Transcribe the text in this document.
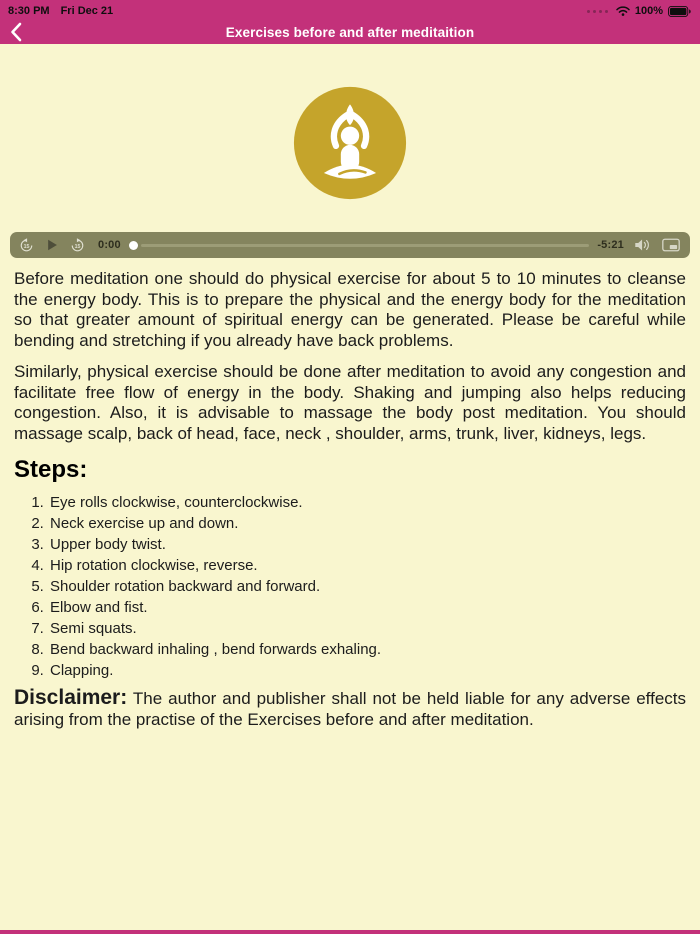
8:30 PM Fri Dec 21	100%
Exercises before and after meditaition
15	15 0:00	-5:21

Before meditation one should do physical exercise for about 5 to 10 minutes to cleanse the energy body. This is to prepare the physical and the energy body for the meditation so that greater amount of spiritual energy can be generated. Please be careful while bending and stretching if you already have back problems.

Similarly, physical exercise should be done after meditation to avoid any congestion and facilitate free flow of energy in the body. Shaking and jumping also helps reducing congestion. Also, it is advisable to massage the body post meditation. You should massage scalp, back of head, face, neck , shoulder, arms, trunk, liver, kidneys, legs.

Steps:
1. Eye rolls clockwise, counterclockwise.
2. Neck exercise up and down.
3. Upper body twist.
4. Hip rotation clockwise, reverse.
5. Shoulder rotation backward and forward.
6. Elbow and fist.
7. Semi squats.
8. Bend backward inhaling , bend forwards exhaling.
9. Clapping.

Disclaimer: The author and publisher shall not be held liable for any adverse effects arising from the practise of the Exercises before and after meditation.
